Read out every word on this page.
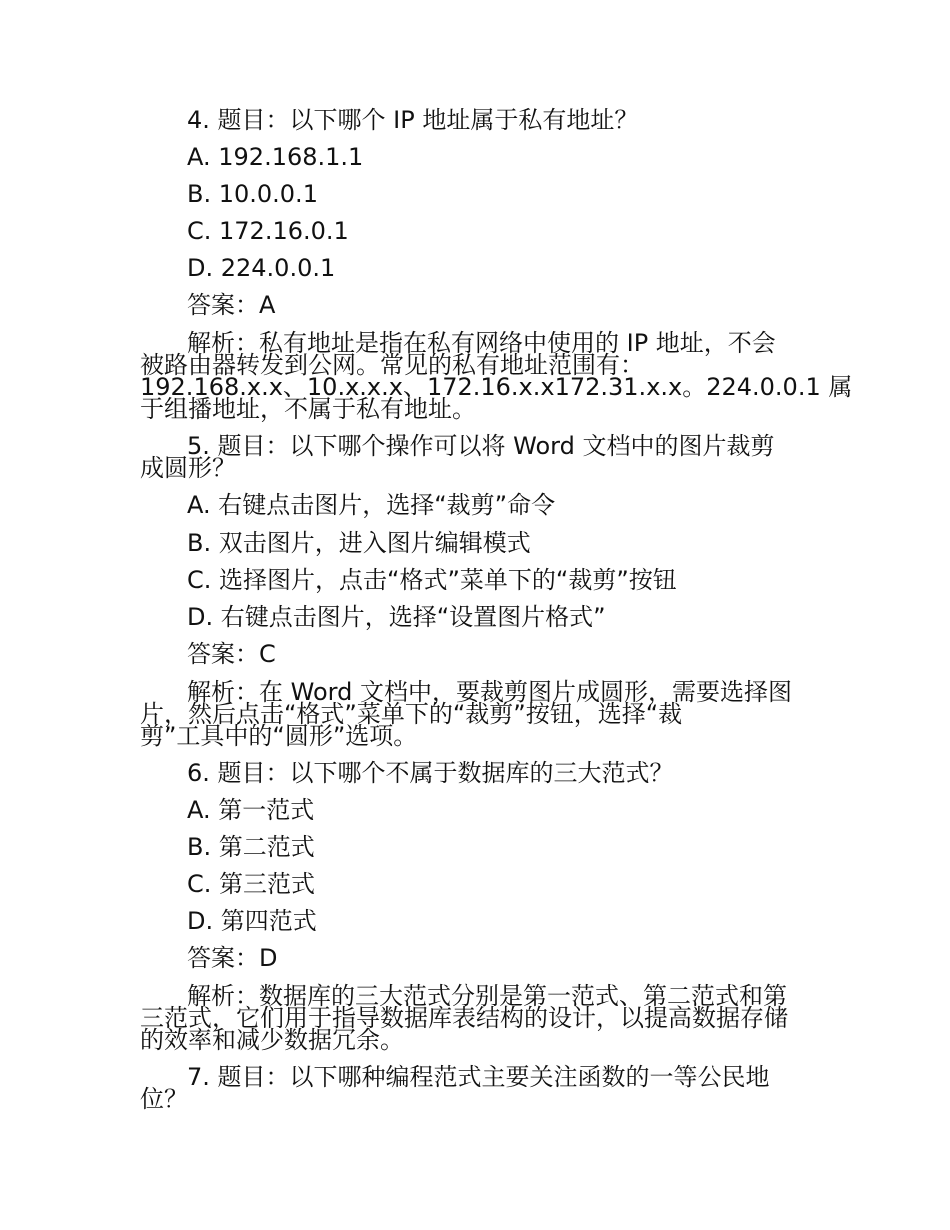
4. 题目：以下哪个 IP 地址属于私有地址？
A. 192.168.1.1
B. 10.0.0.1
C. 172.16.0.1
D. 224.0.0.1
答案：A
解析：私有地址是指在私有网络中使用的 IP 地址，不会
被路由器转发到公网。常见的私有地址范围有：
192.168.x.x、10.x.x.x、172.16.x.x172.31.x.x。224.0.0.1 属
于组播地址，不属于私有地址。
5. 题目：以下哪个操作可以将 Word 文档中的图片裁剪
成圆形？
A. 右键点击图片，选择“裁剪”命令
B. 双击图片，进入图片编辑模式
C. 选择图片，点击“格式”菜单下的“裁剪”按钮
D. 右键点击图片，选择“设置图片格式”
答案：C
解析：在 Word 文档中，要裁剪图片成圆形，需要选择图
片，然后点击“格式”菜单下的“裁剪”按钮，选择“裁
剪”工具中的“圆形”选项。
6. 题目：以下哪个不属于数据库的三大范式？
A. 第一范式
B. 第二范式
C. 第三范式
D. 第四范式
答案：D
解析：数据库的三大范式分别是第一范式、第二范式和第
三范式，它们用于指导数据库表结构的设计，以提高数据存储
的效率和减少数据冗余。
7. 题目：以下哪种编程范式主要关注函数的一等公民地
位？
